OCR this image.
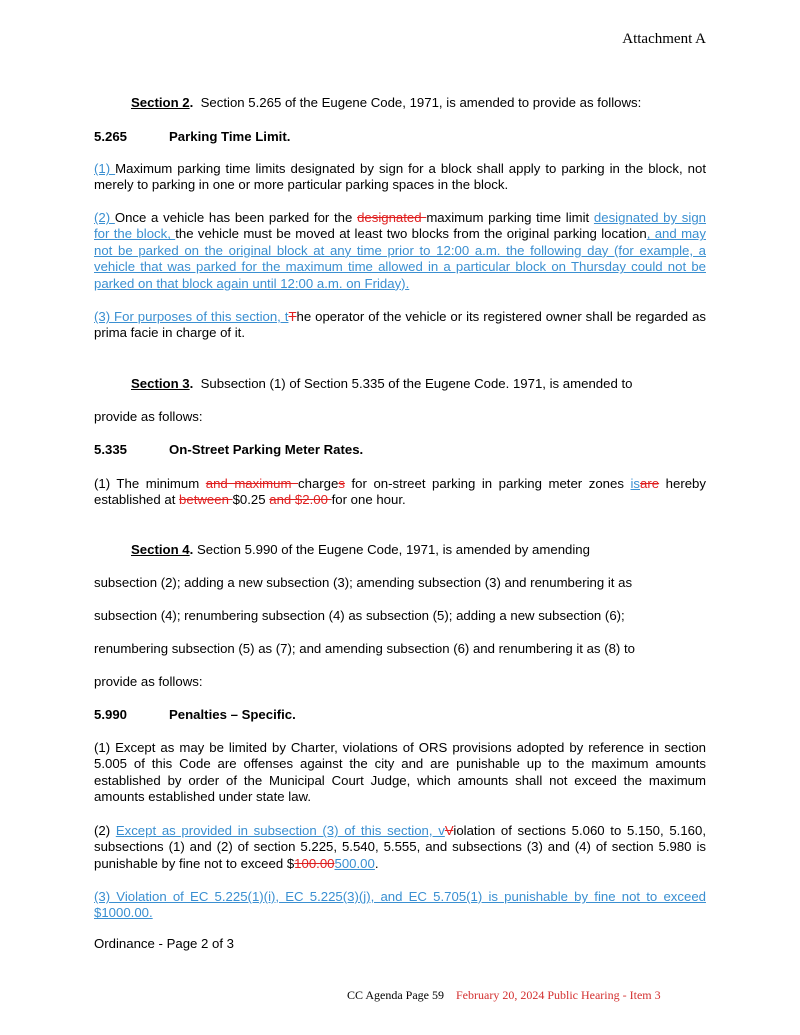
Attachment A
Section 2. Section 5.265 of the Eugene Code, 1971, is amended to provide as follows:
5.265	Parking Time Limit.
(1) Maximum parking time limits designated by sign for a block shall apply to parking in the block, not merely to parking in one or more particular parking spaces in the block.
(2) Once a vehicle has been parked for the designated maximum parking time limit designated by sign for the block, the vehicle must be moved at least two blocks from the original parking location, and may not be parked on the original block at any time prior to 12:00 a.m. the following day (for example, a vehicle that was parked for the maximum time allowed in a particular block on Thursday could not be parked on that block again until 12:00 a.m. on Friday).
(3) For purposes of this section, tThe operator of the vehicle or its registered owner shall be regarded as prima facie in charge of it.
Section 3. Subsection (1) of Section 5.335 of the Eugene Code. 1971, is amended to
provide as follows:
5.335	On-Street Parking Meter Rates.
(1) The minimum and maximum charges for on-street parking in parking meter zones isare hereby established at between $0.25 and $2.00 for one hour.
Section 4. Section 5.990 of the Eugene Code, 1971, is amended by amending
subsection (2); adding a new subsection (3); amending subsection (3) and renumbering it as
subsection (4); renumbering subsection (4) as subsection (5); adding a new subsection (6);
renumbering subsection (5) as (7); and amending subsection (6) and renumbering it as (8) to
provide as follows:
5.990	Penalties – Specific.
(1) Except as may be limited by Charter, violations of ORS provisions adopted by reference in section 5.005 of this Code are offenses against the city and are punishable up to the maximum amounts established by order of the Municipal Court Judge, which amounts shall not exceed the maximum amounts established under state law.
(2) Except as provided in subsection (3) of this section, vViolation of sections 5.060 to 5.150, 5.160, subsections (1) and (2) of section 5.225, 5.540, 5.555, and subsections (3) and (4) of section 5.980 is punishable by fine not to exceed $100.00500.00.
(3) Violation of EC 5.225(1)(i), EC 5.225(3)(j), and EC 5.705(1) is punishable by fine not to exceed $1000.00.
Ordinance - Page 2 of 3
CC Agenda Page 59 February 20, 2024 Public Hearing - Item 3
